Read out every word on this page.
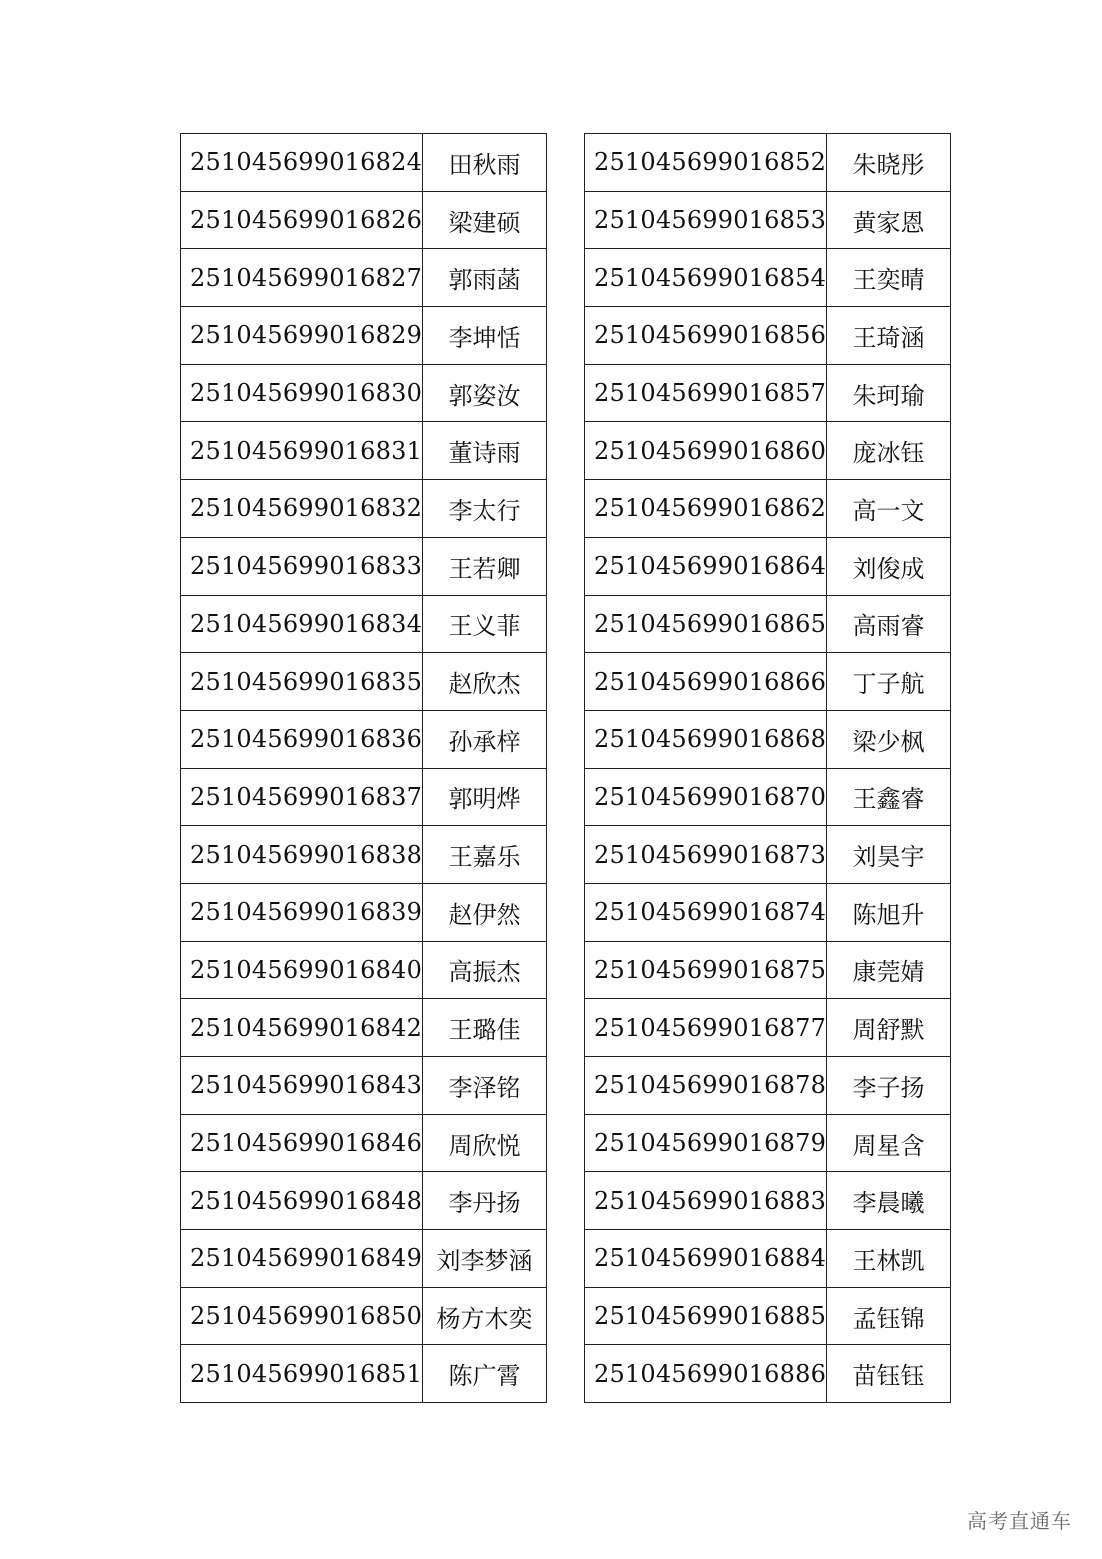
251045699016824	田秋雨
251045699016826	梁建硕
251045699016827	郭雨菡
251045699016829	李坤恬
251045699016830	郭姿汝
251045699016831	董诗雨
251045699016832	李太行
251045699016833	王若卿
251045699016834	王义菲
251045699016835	赵欣杰
251045699016836	孙承梓
251045699016837	郭明烨
251045699016838	王嘉乐
251045699016839	赵伊然
251045699016840	高振杰
251045699016842	王璐佳
251045699016843	李泽铭
251045699016846	周欣悦
251045699016848	李丹扬
251045699016849	刘李梦涵
251045699016850	杨方木奕
251045699016851	陈广霄
251045699016852	朱晓彤
251045699016853	黄家恩
251045699016854	王奕晴
251045699016856	王琦涵
251045699016857	朱珂瑜
251045699016860	庞冰钰
251045699016862	高一文
251045699016864	刘俊成
251045699016865	高雨睿
251045699016866	丁子航
251045699016868	梁少枫
251045699016870	王鑫睿
251045699016873	刘昊宇
251045699016874	陈旭升
251045699016875	康莞婧
251045699016877	周舒默
251045699016878	李子扬
251045699016879	周星含
251045699016883	李晨曦
251045699016884	王林凯
251045699016885	孟钰锦
251045699016886	苗钰钰
高考直通车
